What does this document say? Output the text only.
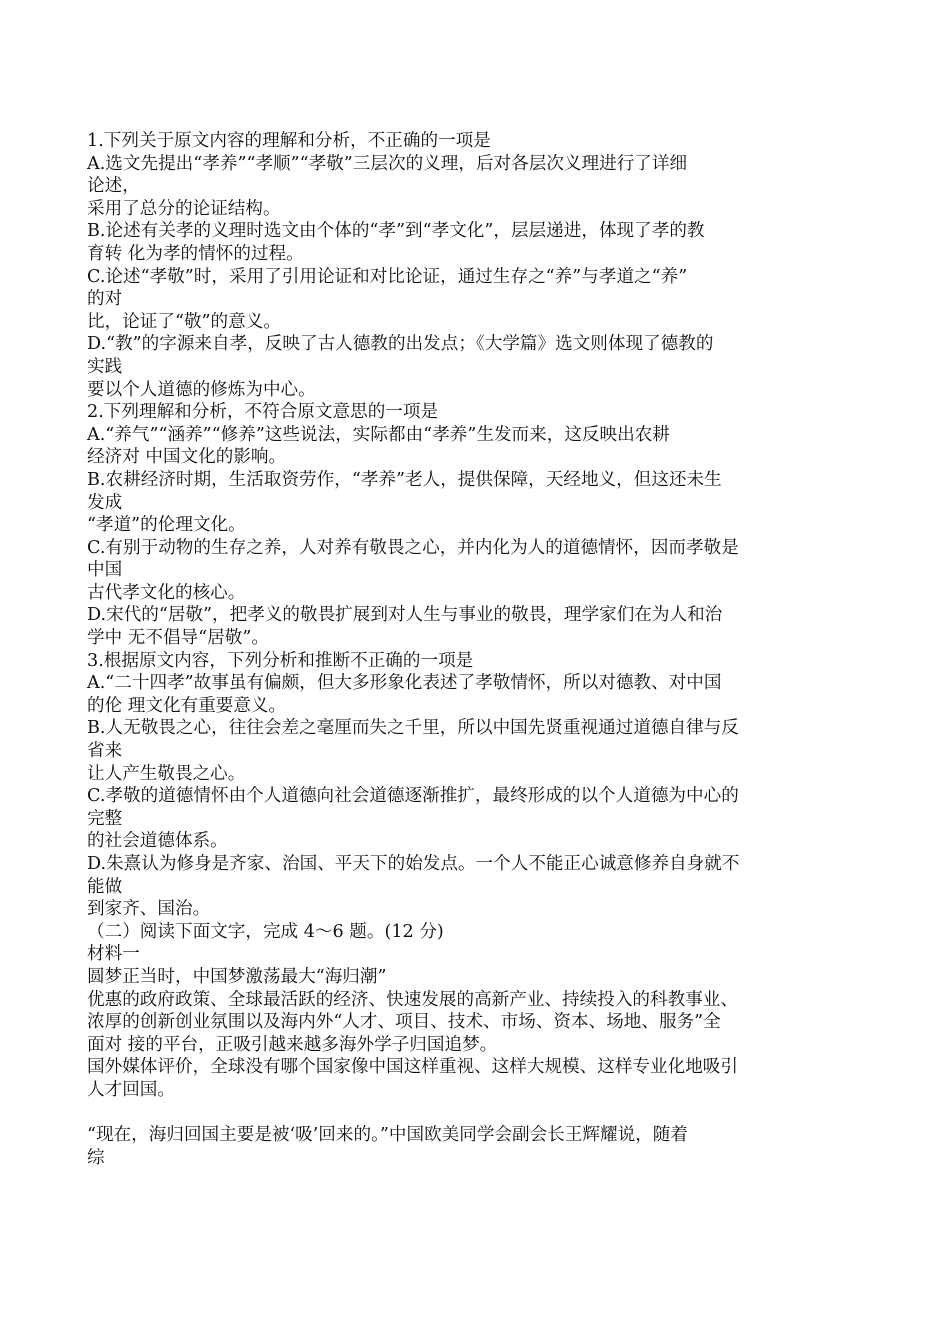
1.下列关于原文内容的理解和分析，不正确的一项是
A.选文先提出“孝养”“孝顺”“孝敬”三层次的义理，后对各层次义理进行了详细
论述，
采用了总分的论证结构。
B.论述有关孝的义理时选文由个体的“孝”到“孝文化”，层层递进，体现了孝的教
育转 化为孝的情怀的过程。
C.论述“孝敬”时，采用了引用论证和对比论证，通过生存之“养”与孝道之“养”
的对
比，论证了“敬”的意义。
D.“教”的字源来自孝，反映了古人德教的出发点；《大学篇》选文则体现了德教的
实践
要以个人道德的修炼为中心。
2.下列理解和分析，不符合原文意思的一项是
A.“养气”“涵养”“修养”这些说法，实际都由“孝养”生发而来，这反映出农耕
经济对 中国文化的影响。
B.农耕经济时期，生活取资劳作，“孝养”老人，提供保障，天经地义，但这还未生
发成
“孝道”的伦理文化。
C.有别于动物的生存之养，人对养有敬畏之心，并内化为人的道德情怀，因而孝敬是
中国
古代孝文化的核心。
D.宋代的“居敬”，把孝义的敬畏扩展到对人生与事业的敬畏，理学家们在为人和治
学中 无不倡导“居敬”。
3.根据原文内容，下列分析和推断不正确的一项是
A.“二十四孝”故事虽有偏颇，但大多形象化表述了孝敬情怀，所以对德教、对中国
的伦 理文化有重要意义。
B.人无敬畏之心，往往会差之毫厘而失之千里，所以中国先贤重视通过道德自律与反
省来
让人产生敬畏之心。
C.孝敬的道德情怀由个人道德向社会道德逐渐推扩，最终形成的以个人道德为中心的
完整
的社会道德体系。
D.朱熹认为修身是齐家、治国、平天下的始发点。一个人不能正心诚意修养自身就不
能做
到家齐、国治。
（二）阅读下面文字，完成 4～6 题。(12 分)
材料一
圆梦正当时，中国梦激荡最大“海归潮”
优惠的政府政策、全球最活跃的经济、快速发展的高新产业、持续投入的科教事业、
浓厚的创新创业氛围以及海内外“人才、项目、技术、市场、资本、场地、服务”全
面对 接的平台，正吸引越来越多海外学子归国追梦。
国外媒体评价，全球没有哪个国家像中国这样重视、这样大规模、这样专业化地吸引
人才回国。
“现在，海归回国主要是被‘吸’回来的。”中国欧美同学会副会长王辉耀说，随着
综
